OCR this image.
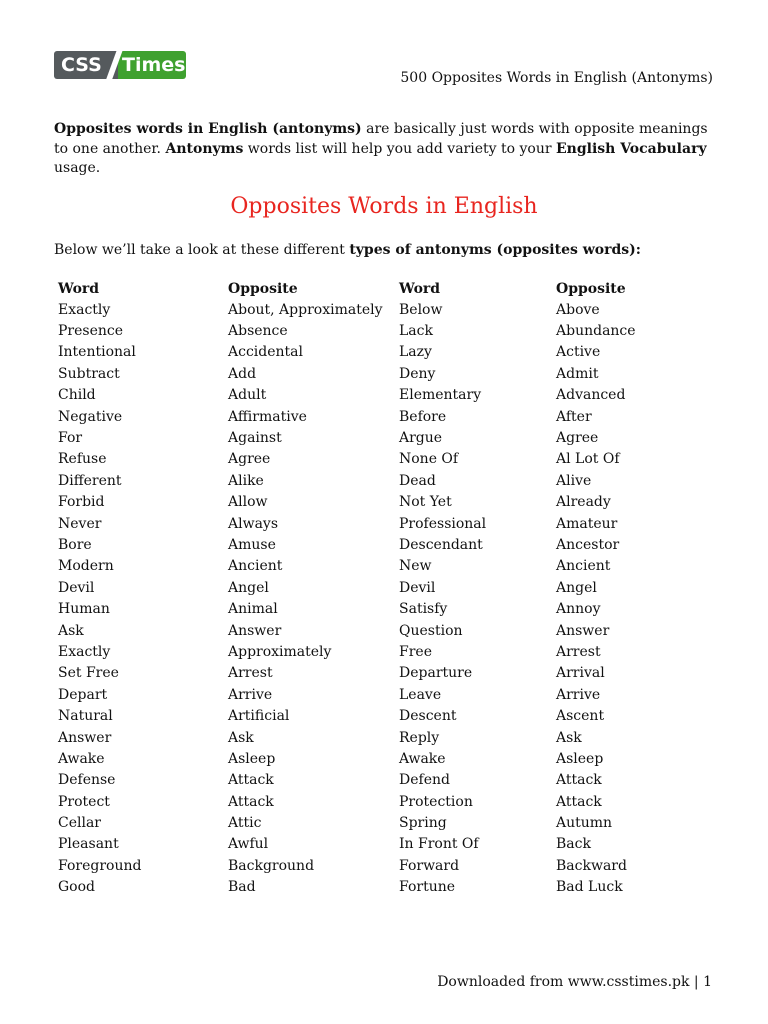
CSS	Times
500 Opposites Words in English (Antonyms)

Opposites words in English (antonyms) are basically just words with opposite meanings to one another. Antonyms words list will help you add variety to your English Vocabulary usage.

Opposites Words in English

Below we’ll take a look at these different types of antonyms (opposites words):

Word	Opposite	Word	Opposite
Exactly	About, Approximately	Below	Above
Presence	Absence	Lack	Abundance
Intentional	Accidental	Lazy	Active
Subtract	Add	Deny	Admit
Child	Adult	Elementary	Advanced
Negative	Affirmative	Before	After
For	Against	Argue	Agree
Refuse	Agree	None Of	Al Lot Of
Different	Alike	Dead	Alive
Forbid	Allow	Not Yet	Already
Never	Always	Professional	Amateur
Bore	Amuse	Descendant	Ancestor
Modern	Ancient	New	Ancient
Devil	Angel	Devil	Angel
Human	Animal	Satisfy	Annoy
Ask	Answer	Question	Answer
Exactly	Approximately	Free	Arrest
Set Free	Arrest	Departure	Arrival
Depart	Arrive	Leave	Arrive
Natural	Artificial	Descent	Ascent
Answer	Ask	Reply	Ask
Awake	Asleep	Awake	Asleep
Defense	Attack	Defend	Attack
Protect	Attack	Protection	Attack
Cellar	Attic	Spring	Autumn
Pleasant	Awful	In Front Of	Back
Foreground	Background	Forward	Backward
Good	Bad	Fortune	Bad Luck
Downloaded from www.csstimes.pk | 1
